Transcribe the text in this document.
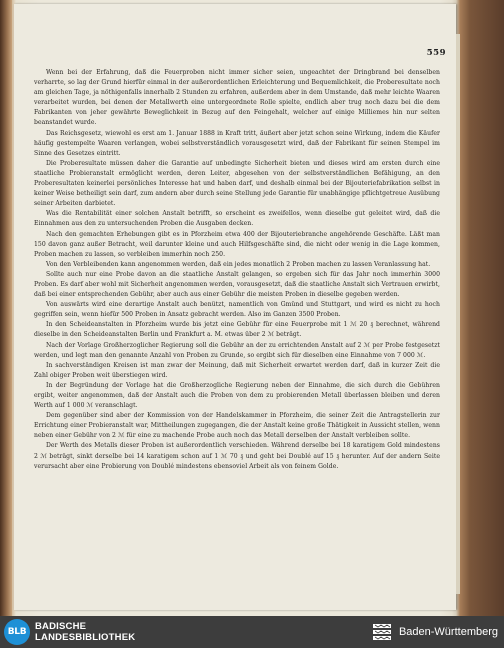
559

Wenn bei der Erfahrung, daß die Feuerproben nicht immer sicher seien, ungeachtet der Dringbrand bei denselben verharrte, so lag der Grund hierfür einmal in der außerordentlichen Erleichterung und Bequemlichkeit, die Proberesultate noch am gleichen Tage, ja nöthigenfalls innerhalb 2 Stunden zu erfahren, außerdem aber in dem Umstande, daß mehr leichte Waaren verarbeitet wurden, bei denen der Metallwerth eine untergeordnete Rolle spielte, endlich aber trug noch dazu bei die dem Fabrikanten von jeher gewährte Beweglichkeit in Bezug auf den Feingehalt, welcher auf einige Milliemes hin nur selten beanstandet wurde.

Das Reichsgesetz, wiewohl es erst am 1. Januar 1888 in Kraft tritt, äußert aber jetzt schon seine Wirkung, indem die Käufer häufig gestempelte Waaren verlangen, wobei selbstverständlich vorausgesetzt wird, daß der Fabrikant für seinen Stempel im Sinne des Gesetzes eintritt.

Die Proberesultate müssen daher die Garantie auf unbedingte Sicherheit bieten und dieses wird am ersten durch eine staatliche Probieranstalt ermöglicht werden, deren Leiter, abgesehen von der selbstverständlichen Befähigung, an den Proberesultaten keinerlei persönliches Interesse hat und haben darf, und deshalb einmal bei der Bijouteriefabrikation selbst in keiner Weise betheiligt sein darf, zum andern aber durch seine Stellung jede Garantie für unabhängige pflichtgetreue Ausübung seiner Arbeiten darbietet.

Was die Rentabilität einer solchen Anstalt betrifft, so erscheint es zweifellos, wenn dieselbe gut geleitet wird, daß die Einnahmen aus den zu untersuchenden Proben die Ausgaben decken.

Nach den gemachten Erhebungen gibt es in Pforzheim etwa 400 der Bijouteriebranche angehörende Geschäfte. Läßt man 150 davon ganz außer Betracht, weil darunter kleine und auch Hilfsgeschäfte sind, die nicht oder wenig in die Lage kommen, Proben machen zu lassen, so verbleiben immerhin noch 250.

Von den Verbleibenden kann angenommen werden, daß ein jedes monatlich 2 Proben machen zu lassen Veranlassung hat.

Sollte auch nur eine Probe davon an die staatliche Anstalt gelangen, so ergeben sich für das Jahr noch immerhin 3000 Proben. Es darf aber wohl mit Sicherheit angenommen werden, vorausgesetzt, daß die staatliche Anstalt sich Vertrauen erwirbt, daß bei einer entsprechenden Gebühr, aber auch aus einer Gebühr die meisten Proben in dieselbe gegeben werden.

Von auswärts wird eine derartige Anstalt auch benützt, namentlich von Gmünd und Stuttgart, und wird es nicht zu hoch gegriffen sein, wenn hiefür 500 Proben in Ansatz gebracht werden. Also im Ganzen 3500 Proben.

In den Scheideanstalten in Pforzheim wurde bis jetzt eine Gebühr für eine Feuerprobe mit 1 ℳ 20 ₰ berechnet, während dieselbe in den Scheideanstalten Berlin und Frankfurt a. M. etwas über 2 ℳ beträgt.

Nach der Vorlage Großherzoglicher Regierung soll die Gebühr an der zu errichtenden Anstalt auf 2 ℳ per Probe festgesetzt werden, und legt man den genannte Anzahl von Proben zu Grunde, so ergibt sich für dieselben eine Einnahme von 7 000 ℳ.

In sachverständigen Kreisen ist man zwar der Meinung, daß mit Sicherheit erwartet werden darf, daß in kurzer Zeit die Zahl obiger Proben weit überstiegen wird.

In der Begründung der Vorlage hat die Großherzogliche Regierung neben der Einnahme, die sich durch die Gebühren ergibt, weiter angenommen, daß der Anstalt auch die Proben von dem zu probierenden Metall überlassen bleiben und deren Werth auf 1 000 ℳ veranschlagt.

Dem gegenüber sind aber der Kommission von der Handelskammer in Pforzheim, die seiner Zeit die Antragstellerin zur Errichtung einer Probieranstalt war, Mittheilungen zugegangen, die der Anstalt keine große Thätigkeit in Aussicht stellen, wenn neben einer Gebühr von 2 ℳ für eine zu machende Probe auch noch das Metall derselben der Anstalt verbleiben sollte.

Der Werth des Metalls dieser Proben ist außerordentlich verschieden. Während derselbe bei 18 karatigem Gold mindestens 2 ℳ beträgt, sinkt derselbe bei 14 karatigem schon auf 1 ℳ 70 ₰ und geht bei Doublé auf 15 ₰ herunter. Auf der andern Seite verursacht aber eine Probierung von Doublé mindestens ebensoviel Arbeit als von feinem Golde.

BLB BADISCHE
LANDESBIBLIOTHEK	Baden-Württemberg
